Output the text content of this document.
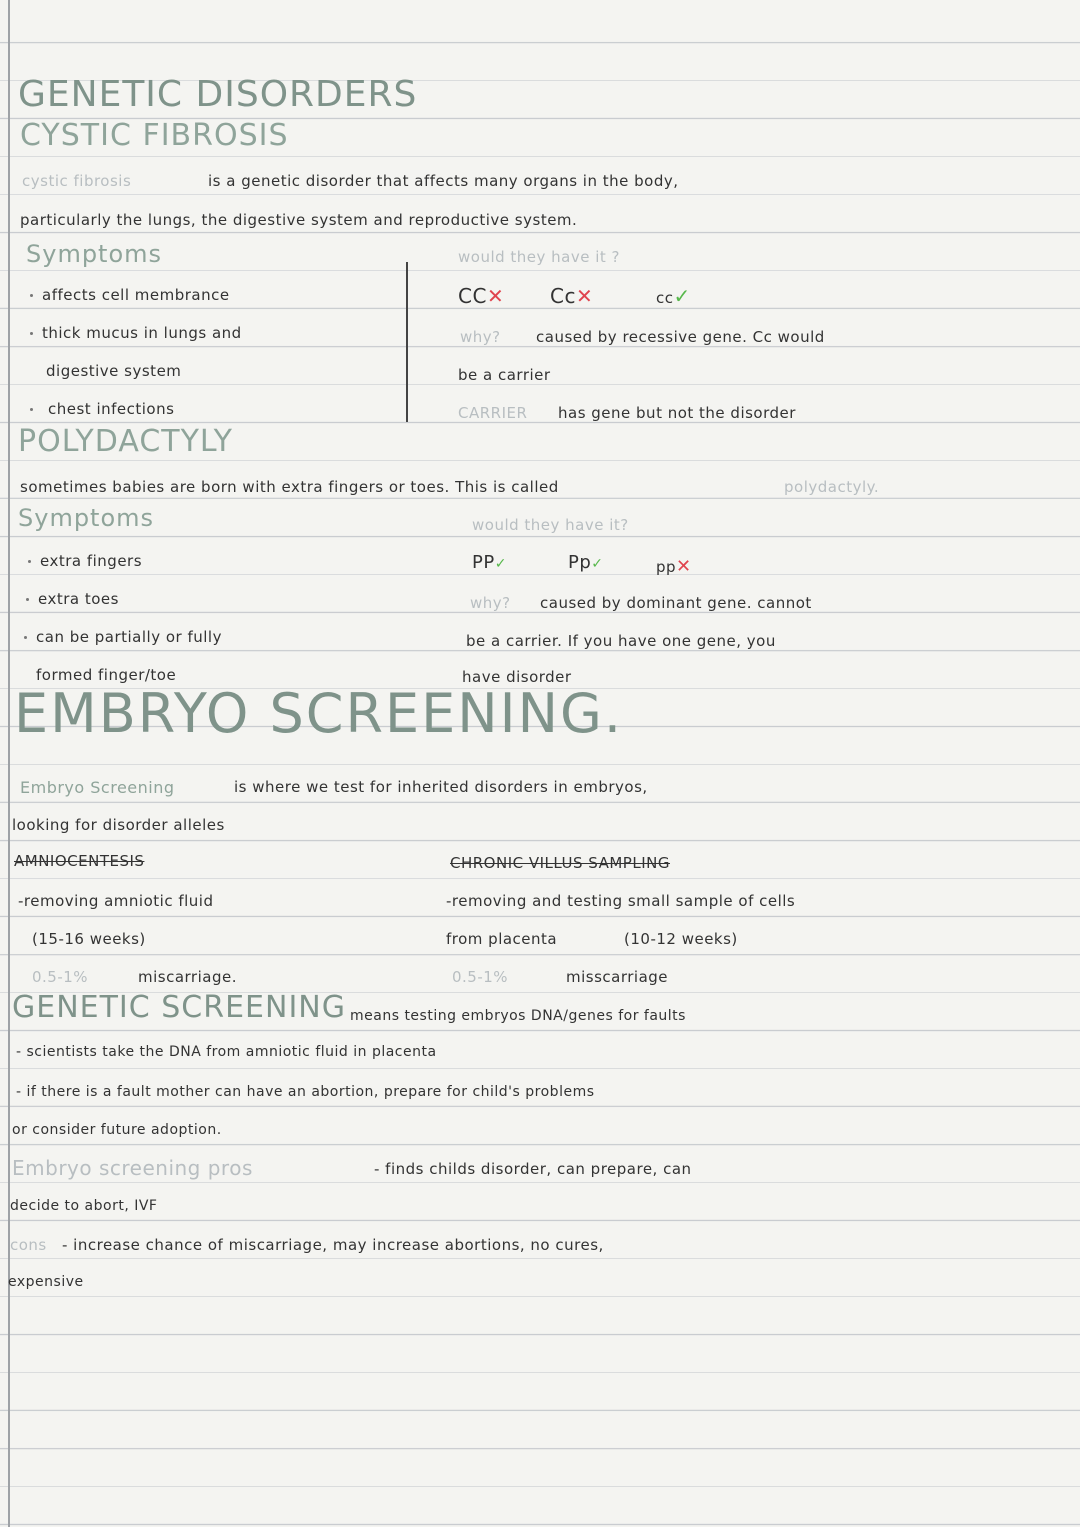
GENETIC DISORDERS
CYSTIC FIBROSIS
cystic fibrosis	is a genetic disorder that affects many organs in the body,
particularly the lungs, the digestive system and reproductive system.
Symptoms
affects cell membrance
thick mucus in lungs and
digestive system
chest infections
would they have it ?
CC✕ Cc✕	cc✓
why? caused by recessive gene. Cc would
be a carrier
CARRIER has gene but not the disorder
POLYDACTYLY
sometimes babies are born with extra fingers or toes. This is called	polydactyly.
Symptoms
extra fingers
extra toes
can be partially or fully
formed finger/toe
would they have it?
PP✓	Pp✓	pp✕
why? caused by dominant gene. cannot
be a carrier. If you have one gene, you
have disorder
EMBRYO SCREENING.
Embryo Screening	is where we test for inherited disorders in embryos,
looking for disorder alleles
AMNIOCENTESIS
-removing amniotic fluid
(15-16 weeks)
0.5-1%	miscarriage.
CHRONIC VILLUS SAMPLING
-removing and testing small sample of cells
from placenta	(10-12 weeks)
0.5-1%	misscarriage
GENETIC SCREENING means testing embryos DNA/genes for faults
- scientists take the DNA from amniotic fluid in placenta
- if there is a fault mother can have an abortion, prepare for child's problems
or consider future adoption.
Embryo screening pros	- finds childs disorder, can prepare, can
decide to abort, IVF
cons - increase chance of miscarriage, may increase abortions, no cures,
expensive
